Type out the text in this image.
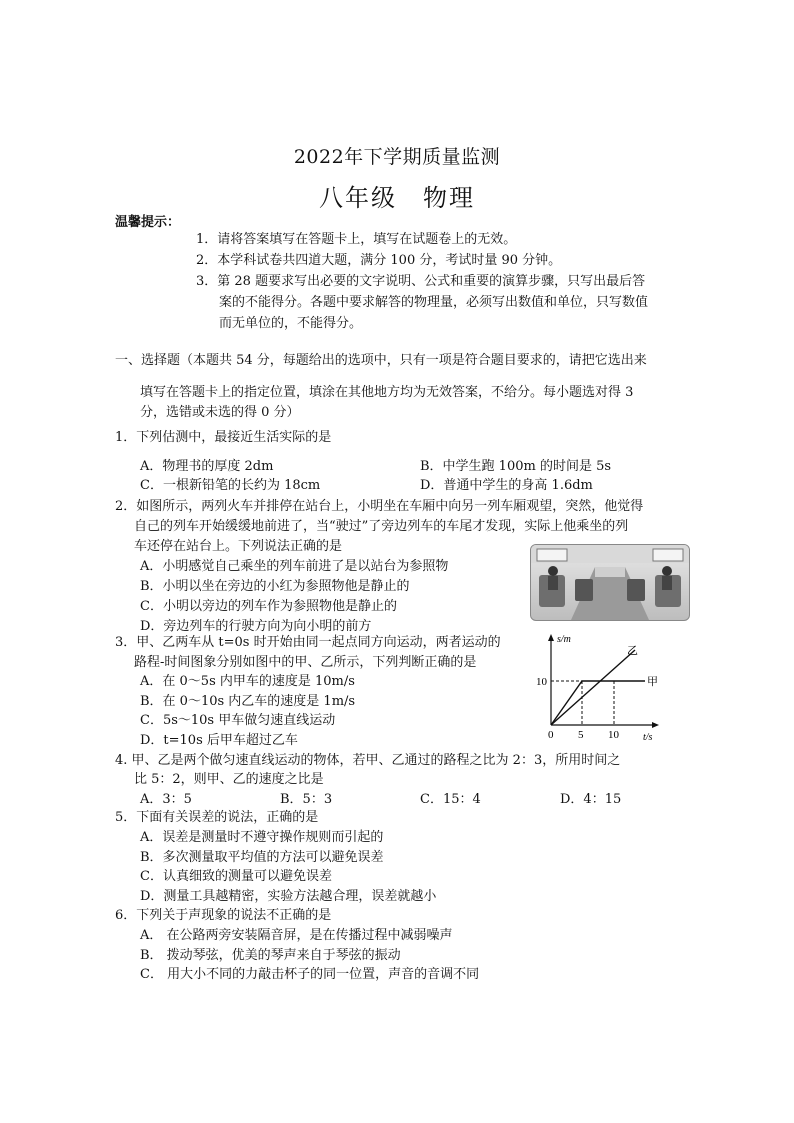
2022年下学期质量监测
八年级　物理
温馨提示：
1．请将答案填写在答题卡上，填写在试题卷上的无效。
2．本学科试卷共四道大题，满分 100 分，考试时量 90 分钟。
3．第 28 题要求写出必要的文字说明、公式和重要的演算步骤，只写出最后答
案的不能得分。各题中要求解答的物理量，必须写出数值和单位，只写数值
而无单位的，不能得分。
一、选择题（本题共 54 分，每题给出的选项中，只有一项是符合题目要求的，请把它选出来
填写在答题卡上的指定位置，填涂在其他地方均为无效答案，不给分。每小题选对得 3
分，选错或未选的得 0 分）
1．下列估测中，最接近生活实际的是
A．物理书的厚度 2dm	B．中学生跑 100m 的时间是 5s
C．一根新铅笔的长约为 18cm	D．普通中学生的身高 1.6dm
2．如图所示，两列火车并排停在站台上，小明坐在车厢中向另一列车厢观望，突然，他觉得
自己的列车开始缓缓地前进了，当“驶过”了旁边列车的车尾才发现，实际上他乘坐的列
车还停在站台上。下列说法正确的是
A．小明感觉自己乘坐的列车前进了是以站台为参照物
B．小明以坐在旁边的小红为参照物他是静止的
C．小明以旁边的列车作为参照物他是静止的
D．旁边列车的行驶方向为向小明的前方
3．甲、乙两车从 t=0s 时开始由同一起点同方向运动，两者运动的
路程-时间图象分别如图中的甲、乙所示，下列判断正确的是
A．在 0～5s 内甲车的速度是 10m/s
B．在 0～10s 内乙车的速度是 1m/s
C．5s～10s 甲车做匀速直线运动
D．t=10s 后甲车超过乙车
s/m
t/s
10
0 5 10
甲
乙
4. 甲、乙是两个做匀速直线运动的物体，若甲、乙通过的路程之比为 2：3，所用时间之
比 5：2，则甲、乙的速度之比是
A．3：5	B．5：3	C．15：4	D．4：15
5．下面有关误差的说法，正确的是
A．误差是测量时不遵守操作规则而引起的
B．多次测量取平均值的方法可以避免误差
C．认真细致的测量可以避免误差
D．测量工具越精密，实验方法越合理，误差就越小
6．下列关于声现象的说法不正确的是
A． 在公路两旁安装隔音屏，是在传播过程中减弱噪声
B． 拨动琴弦，优美的琴声来自于琴弦的振动
C． 用大小不同的力敲击杯子的同一位置，声音的音调不同
